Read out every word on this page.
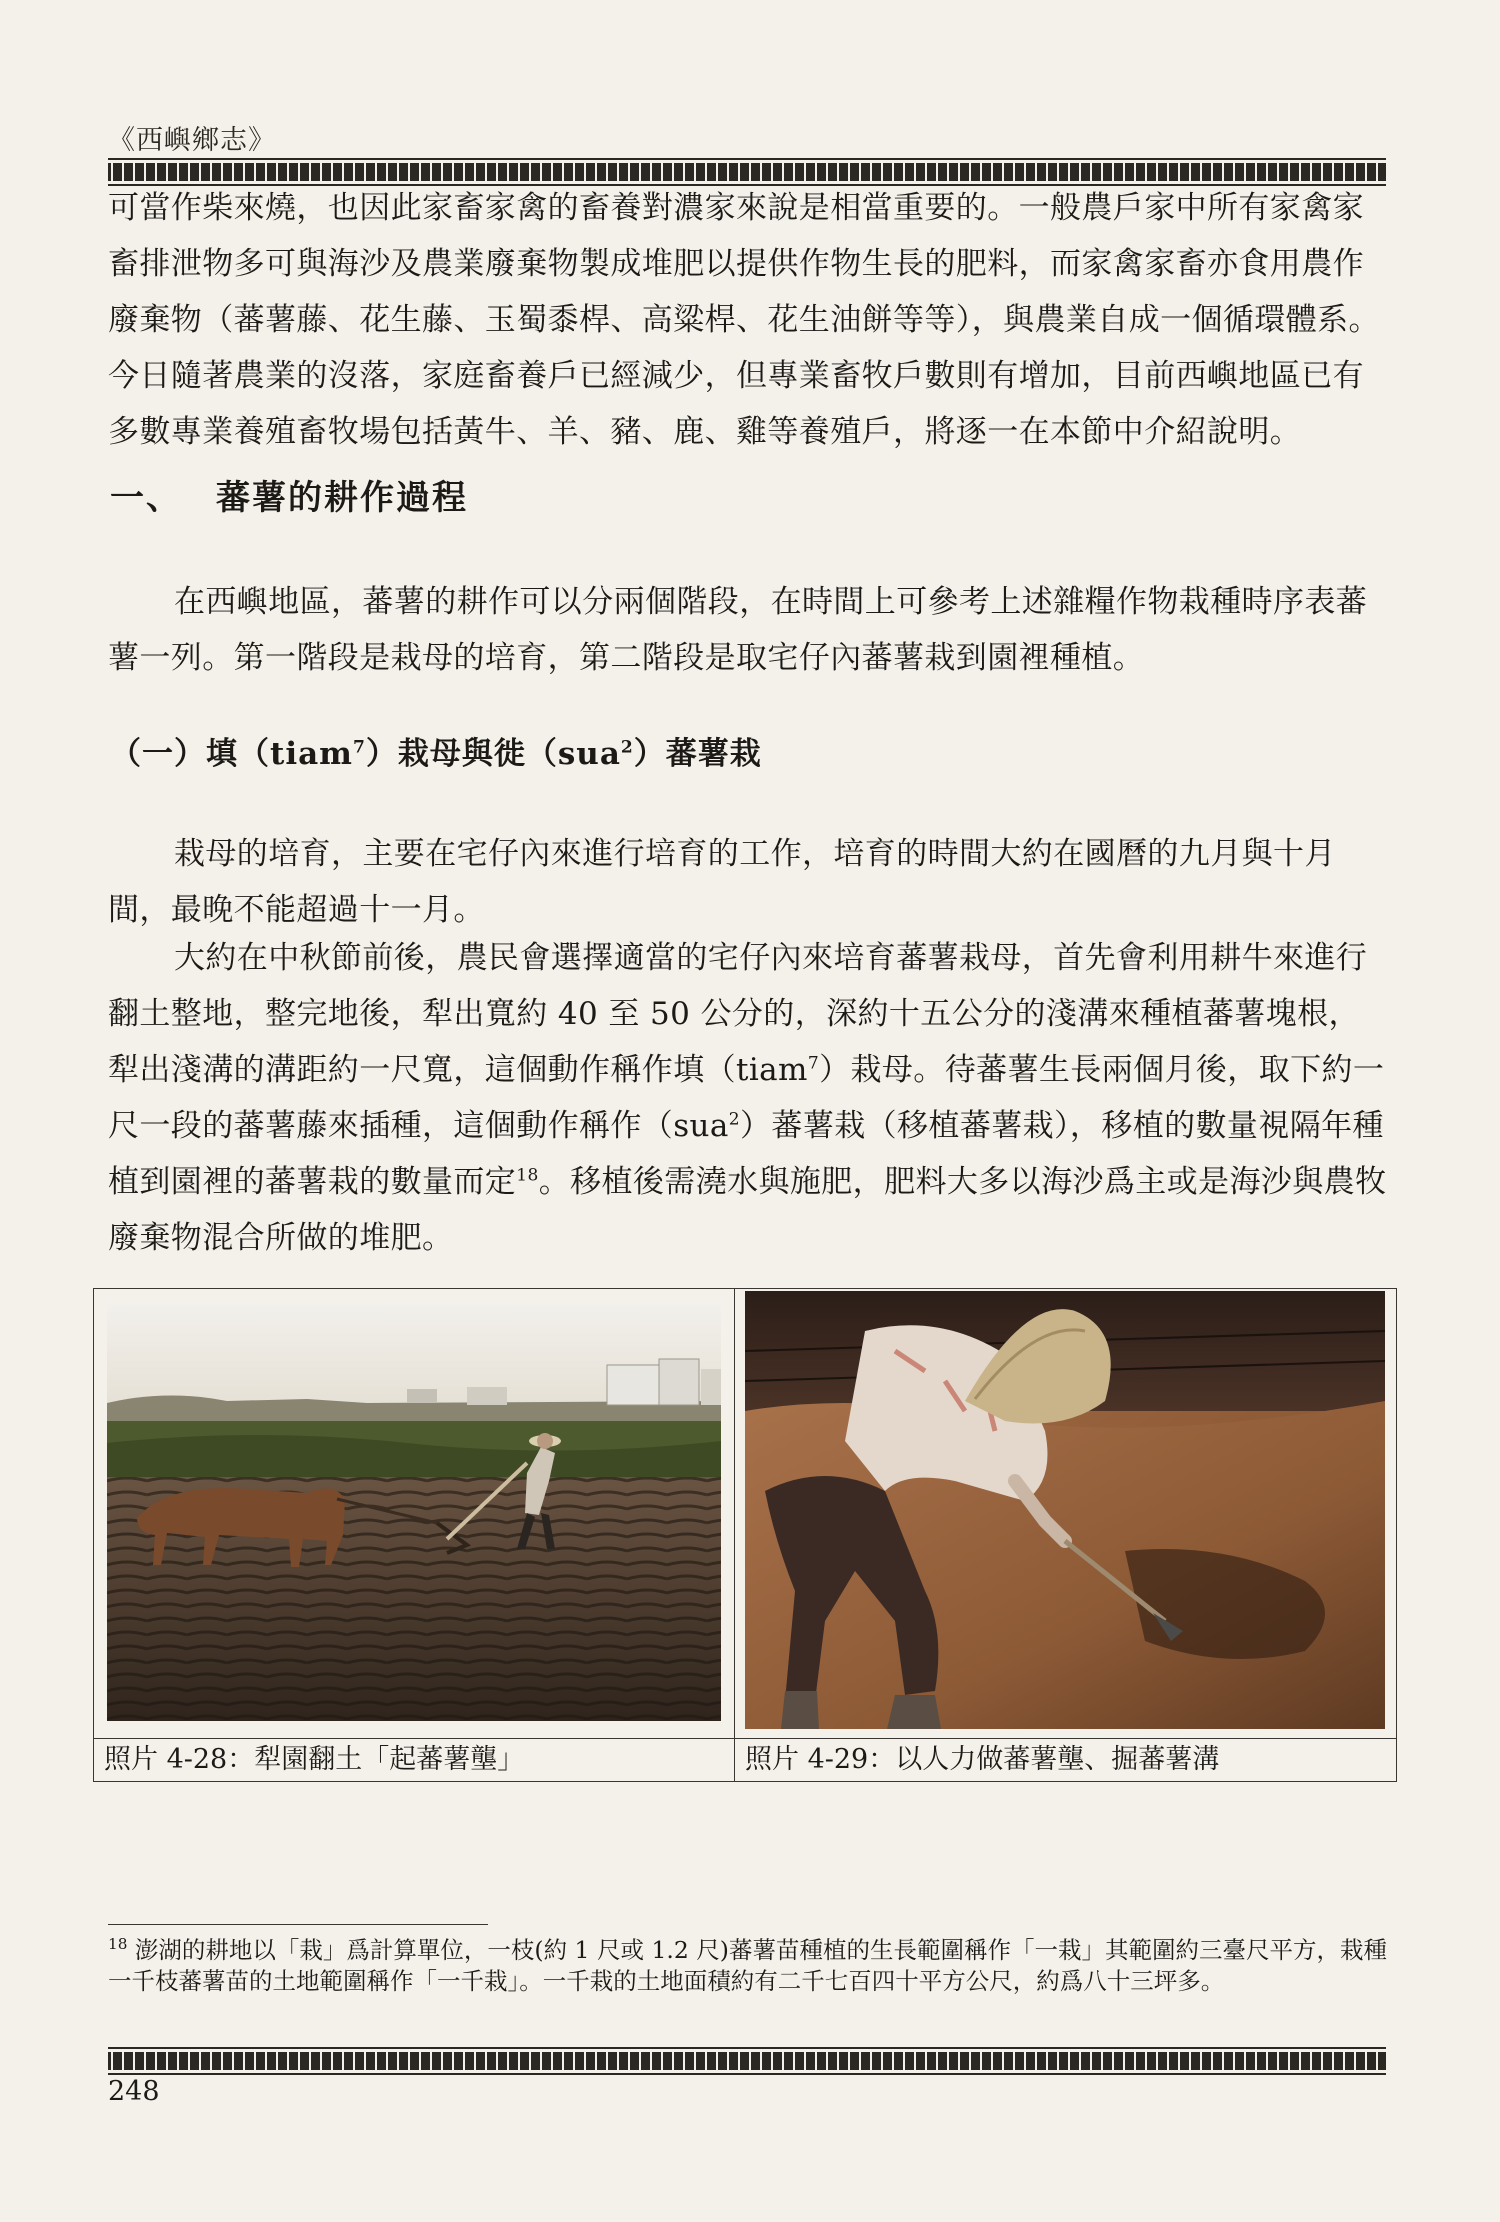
《西嶼鄉志》

可當作柴來燒，也因此家畜家禽的畜養對濃家來說是相當重要的。一般農戶家中所有家禽家畜排泄物多可與海沙及農業廢棄物製成堆肥以提供作物生長的肥料，而家禽家畜亦食用農作廢棄物（蕃薯藤、花生藤、玉蜀黍桿、高粱桿、花生油餅等等），與農業自成一個循環體系。今日隨著農業的沒落，家庭畜養戶已經減少，但專業畜牧戶數則有增加，目前西嶼地區已有多數專業養殖畜牧場包括黃牛、羊、豬、鹿、雞等養殖戶，將逐一在本節中介紹說明。

一、 蕃薯的耕作過程

在西嶼地區，蕃薯的耕作可以分兩個階段，在時間上可參考上述雜糧作物栽種時序表蕃薯一列。第一階段是栽母的培育，第二階段是取宅仔內蕃薯栽到園裡種植。

（一）填（tiam$^7$）栽母與徙（sua$^2$）蕃薯栽

栽母的培育，主要在宅仔內來進行培育的工作，培育的時間大約在國曆的九月與十月間，最晚不能超過十一月。

大約在中秋節前後，農民會選擇適當的宅仔內來培育蕃薯栽母，首先會利用耕牛來進行翻土整地，整完地後，犁出寬約 40 至 50 公分的，深約十五公分的淺溝來種植蕃薯塊根，犁出淺溝的溝距約一尺寬，這個動作稱作填（tiam$^7$）栽母。待蕃薯生長兩個月後，取下約一尺一段的蕃薯藤來插種，這個動作稱作（sua$^2$）蕃薯栽（移植蕃薯栽），移植的數量視隔年種植到園裡的蕃薯栽的數量而定$^{18}$。移植後需澆水與施肥，肥料大多以海沙爲主或是海沙與農牧廢棄物混合所做的堆肥。

照片 4-28：犁園翻土「起蕃薯壟」	照片 4-29：以人力做蕃薯壟、掘蕃薯溝

$^{18}$ 澎湖的耕地以「栽」爲計算單位，一枝(約 1 尺或 1.2 尺)蕃薯苗種植的生長範圍稱作「一栽」其範圍約三臺尺平方，栽種一千枝蕃薯苗的土地範圍稱作「一千栽」。一千栽的土地面積約有二千七百四十平方公尺，約爲八十三坪多。

248
